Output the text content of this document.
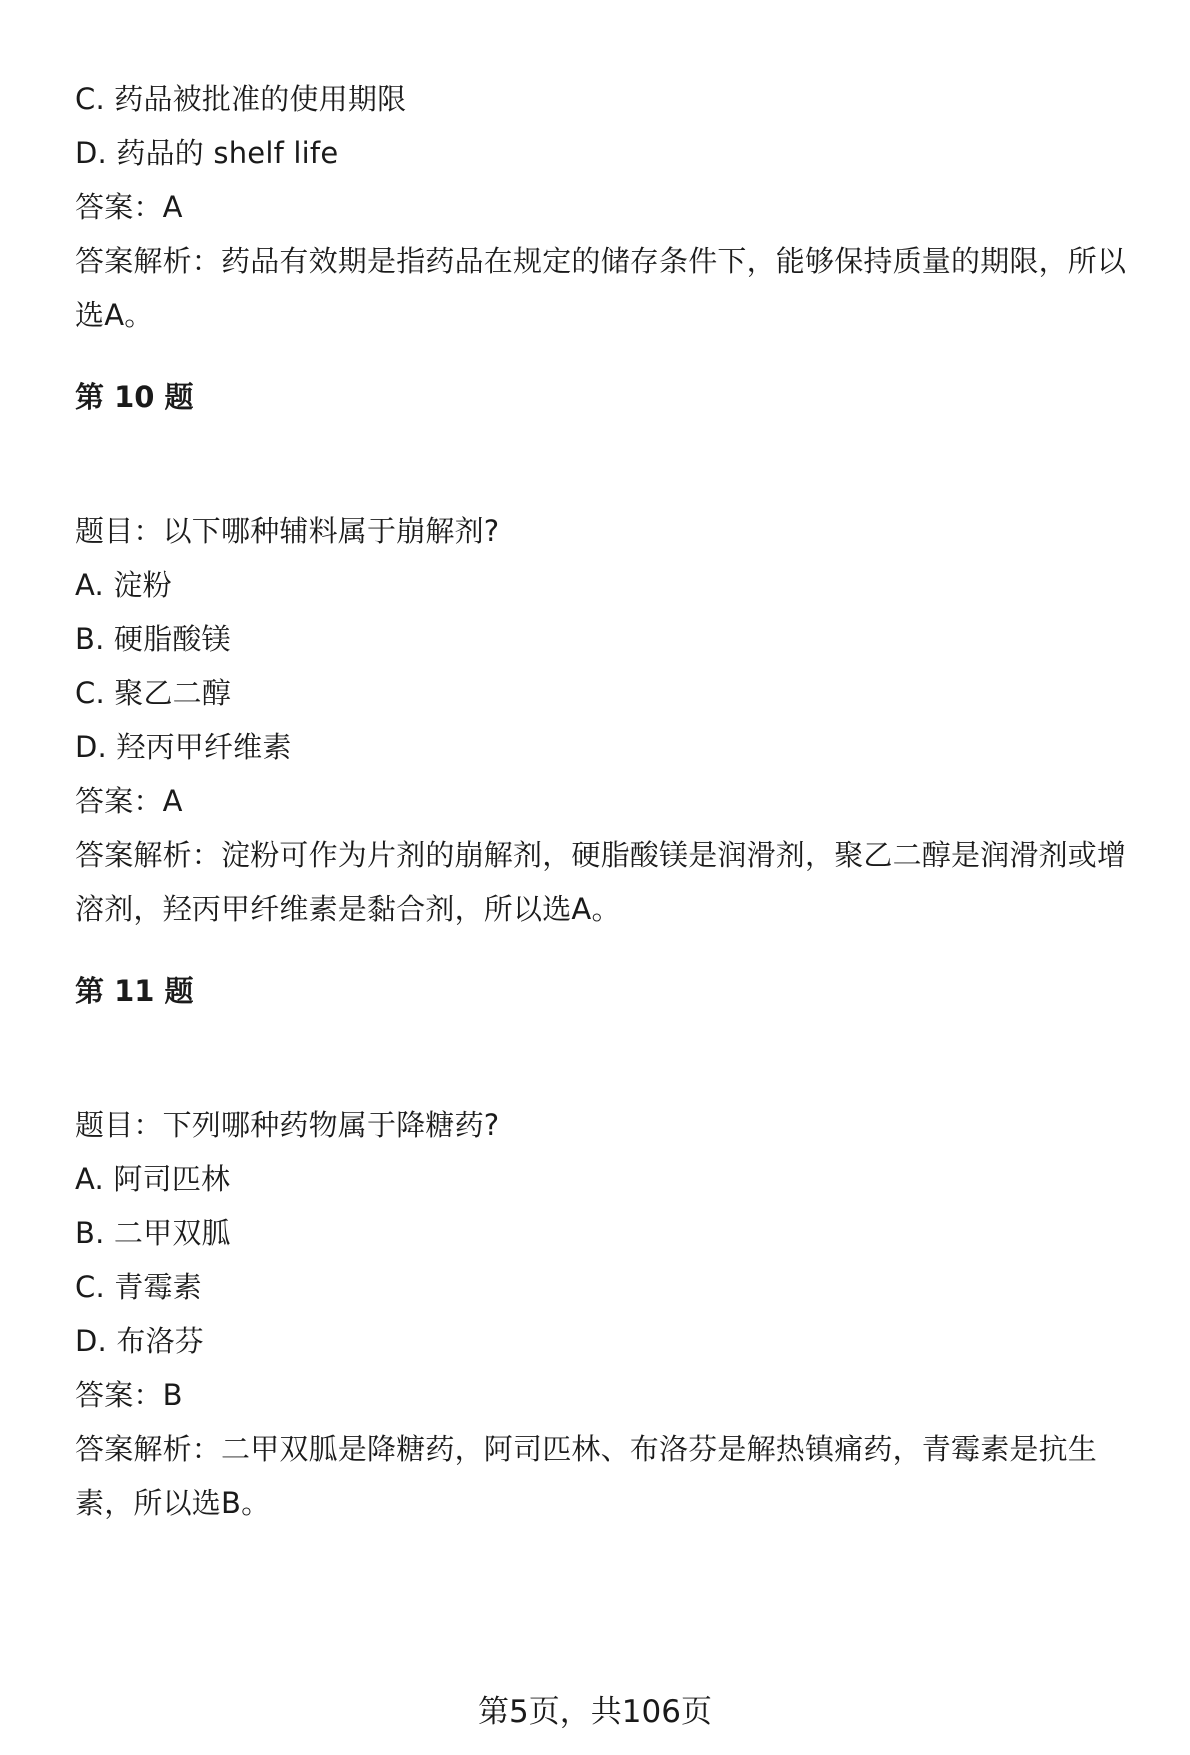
C. 药品被批准的使用期限
D. 药品的 shelf life
答案：A
答案解析：药品有效期是指药品在规定的储存条件下，能够保持质量的期限，所以
选A。
第 10 题
题目：以下哪种辅料属于崩解剂?
A. 淀粉
B. 硬脂酸镁
C. 聚乙二醇
D. 羟丙甲纤维素
答案：A
答案解析：淀粉可作为片剂的崩解剂，硬脂酸镁是润滑剂，聚乙二醇是润滑剂或增
溶剂，羟丙甲纤维素是黏合剂，所以选A。
第 11 题
题目：下列哪种药物属于降糖药?
A. 阿司匹林
B. 二甲双胍
C. 青霉素
D. 布洛芬
答案：B
答案解析：二甲双胍是降糖药，阿司匹林、布洛芬是解热镇痛药，青霉素是抗生
素，所以选B。
第5页，共106页
